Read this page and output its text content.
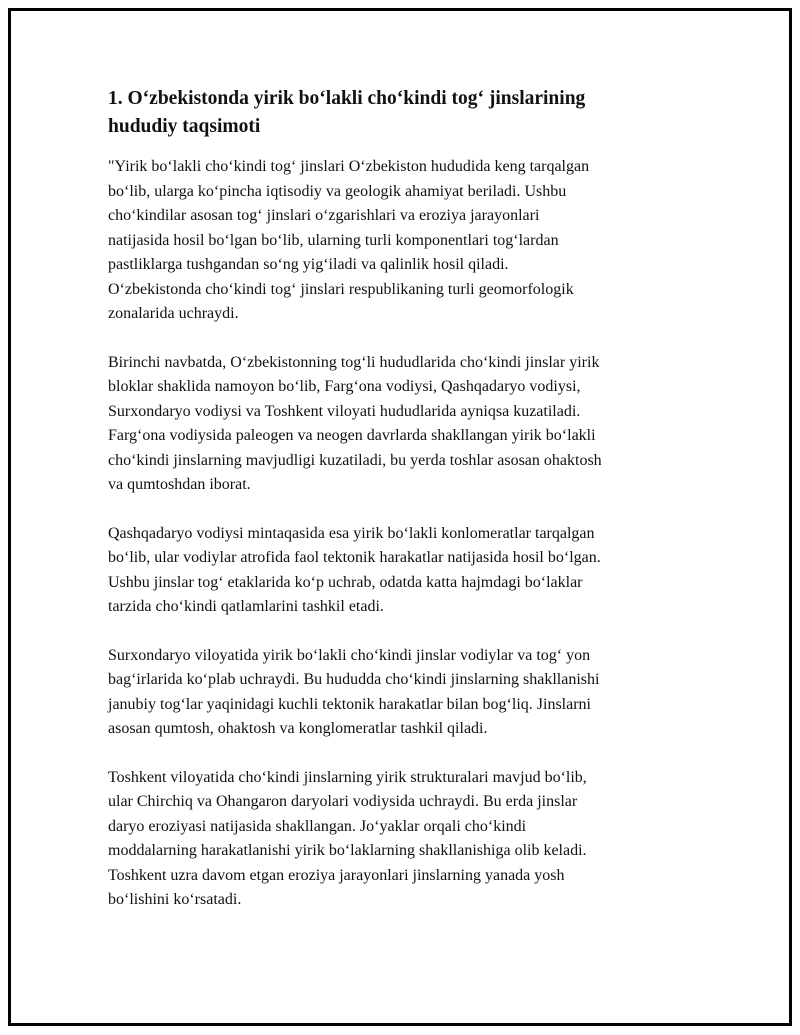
1. O‘zbekistonda yirik bo‘lakli cho‘kindi tog‘ jinslarining
hududiy taqsimoti

"Yirik bo‘lakli cho‘kindi tog‘ jinslari O‘zbekiston hududida keng tarqalgan
bo‘lib, ularga ko‘pincha iqtisodiy va geologik ahamiyat beriladi. Ushbu
cho‘kindilar asosan tog‘ jinslari o‘zgarishlari va eroziya jarayonlari
natijasida hosil bo‘lgan bo‘lib, ularning turli komponentlari tog‘lardan
pastliklarga tushgandan so‘ng yig‘iladi va qalinlik hosil qiladi.
O‘zbekistonda cho‘kindi tog‘ jinslari respublikaning turli geomorfologik
zonalarida uchraydi.

Birinchi navbatda, O‘zbekistonning tog‘li hududlarida cho‘kindi jinslar yirik
bloklar shaklida namoyon bo‘lib, Farg‘ona vodiysi, Qashqadaryo vodiysi,
Surxondaryo vodiysi va Toshkent viloyati hududlarida ayniqsa kuzatiladi.
Farg‘ona vodiysida paleogen va neogen davrlarda shakllangan yirik bo‘lakli
cho‘kindi jinslarning mavjudligi kuzatiladi, bu yerda toshlar asosan ohaktosh
va qumtoshdan iborat.

Qashqadaryo vodiysi mintaqasida esa yirik bo‘lakli konlomeratlar tarqalgan
bo‘lib, ular vodiylar atrofida faol tektonik harakatlar natijasida hosil bo‘lgan.
Ushbu jinslar tog‘ etaklarida ko‘p uchrab, odatda katta hajmdagi bo‘laklar
tarzida cho‘kindi qatlamlarini tashkil etadi.

Surxondaryo viloyatida yirik bo‘lakli cho‘kindi jinslar vodiylar va tog‘ yon
bag‘irlarida ko‘plab uchraydi. Bu hududda cho‘kindi jinslarning shakllanishi
janubiy tog‘lar yaqinidagi kuchli tektonik harakatlar bilan bog‘liq. Jinslarni
asosan qumtosh, ohaktosh va konglomeratlar tashkil qiladi.

Toshkent viloyatida cho‘kindi jinslarning yirik strukturalari mavjud bo‘lib,
ular Chirchiq va Ohangaron daryolari vodiysida uchraydi. Bu erda jinslar
daryo eroziyasi natijasida shakllangan. Jo‘yaklar orqali cho‘kindi
moddalarning harakatlanishi yirik bo‘laklarning shakllanishiga olib keladi.
Toshkent uzra davom etgan eroziya jarayonlari jinslarning yanada yosh
bo‘lishini ko‘rsatadi.
